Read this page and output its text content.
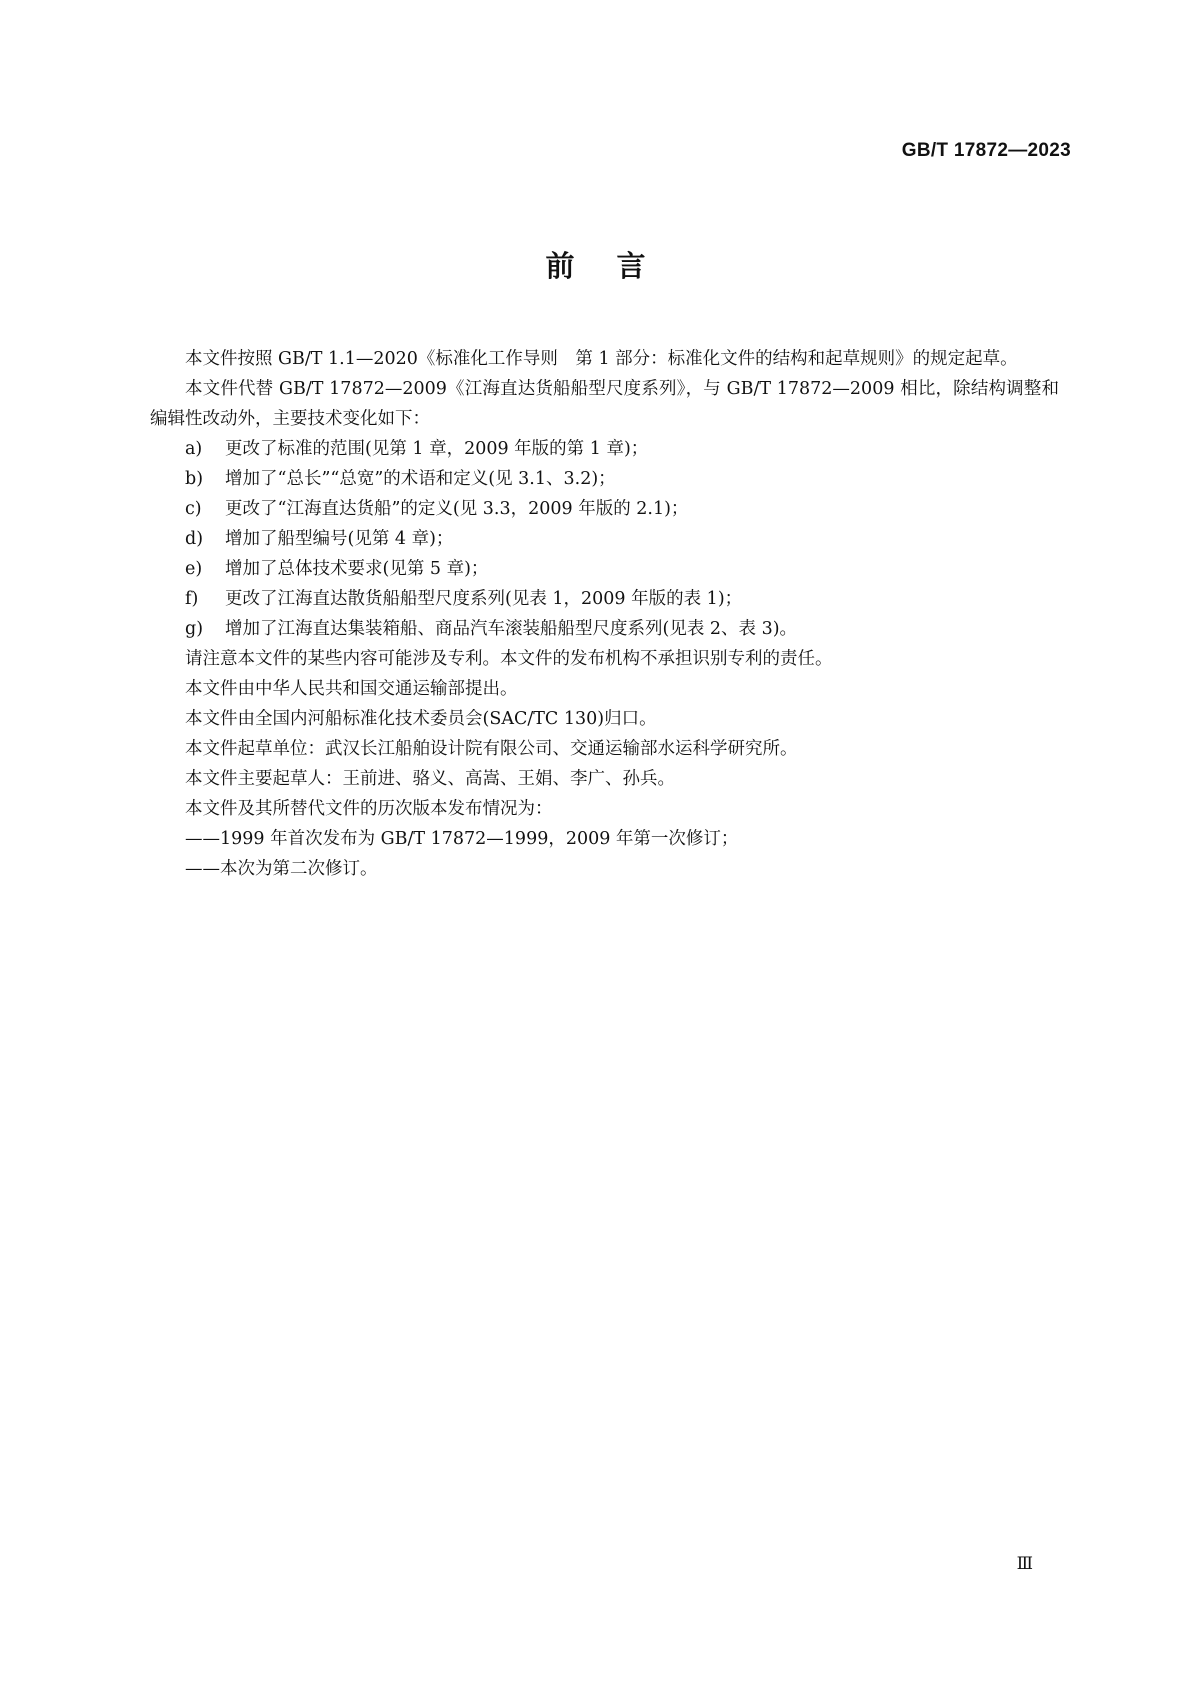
GB/T 17872—2023
前言

本文件按照 GB/T 1.1—2020《标准化工作导则　第 1 部分：标准化文件的结构和起草规则》的规定起草。

本文件代替 GB/T 17872—2009《江海直达货船船型尺度系列》，与 GB/T 17872—2009 相比，除结构调整和编辑性改动外，主要技术变化如下：

a) 更改了标准的范围(见第 1 章，2009 年版的第 1 章)；

b) 增加了“总长”“总宽”的术语和定义(见 3.1、3.2)；

c) 更改了“江海直达货船”的定义(见 3.3，2009 年版的 2.1)；

d) 增加了船型编号(见第 4 章)；

e) 增加了总体技术要求(见第 5 章)；

f) 更改了江海直达散货船船型尺度系列(见表 1，2009 年版的表 1)；

g) 增加了江海直达集装箱船、商品汽车滚装船船型尺度系列(见表 2、表 3)。

请注意本文件的某些内容可能涉及专利。本文件的发布机构不承担识别专利的责任。

本文件由中华人民共和国交通运输部提出。

本文件由全国内河船标准化技术委员会(SAC/TC 130)归口。

本文件起草单位：武汉长江船舶设计院有限公司、交通运输部水运科学研究所。

本文件主要起草人：王前进、骆义、高嵩、王娟、李广、孙兵。

本文件及其所替代文件的历次版本发布情况为：

——1999 年首次发布为 GB/T 17872—1999，2009 年第一次修订；

——本次为第二次修订。

Ⅲ
